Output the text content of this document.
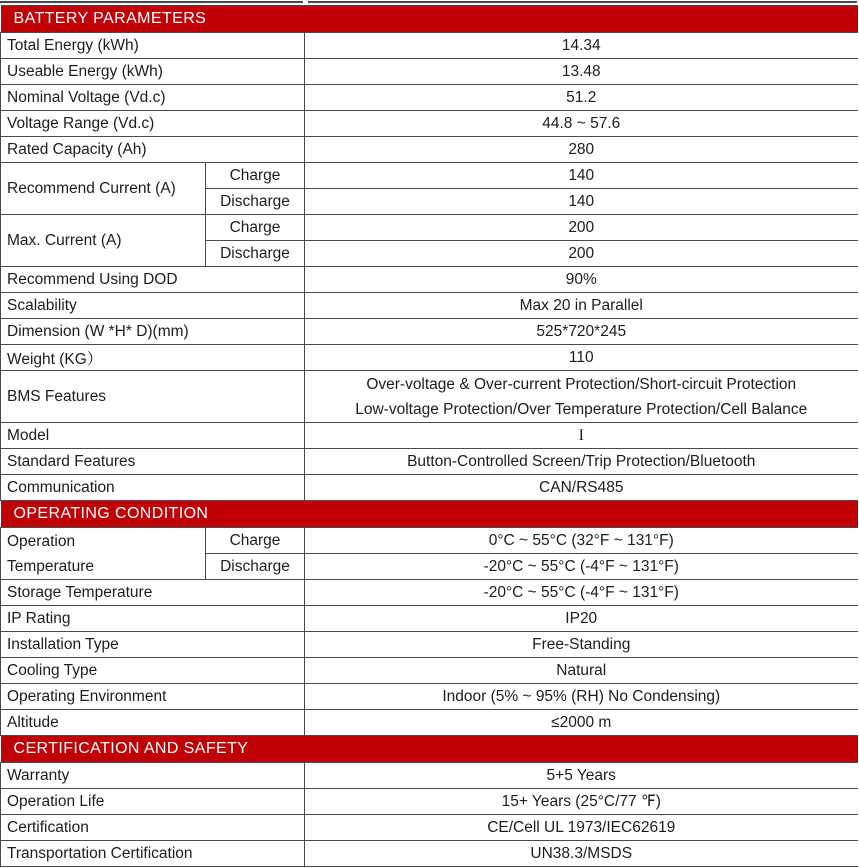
BATTERY PARAMETERS		
Total Energy (kWh)		14.34
Useable Energy (kWh)		13.48
Nominal Voltage (Vd.c)		51.2
Voltage Range (Vd.c)		44.8 ~ 57.6
Rated Capacity (Ah)		280
Recommend Current (A)	Charge	140
	Discharge	140
Max. Current (A)	Charge	200
	Discharge	200
Recommend Using DOD		90%
Scalability		Max 20 in Parallel
Dimension (W *H* D)(mm)		525*720*245
Weight (KG）		110
BMS Features		Over-voltage & Over-current Protection/Short-circuit Protection
Low-voltage Protection/Over Temperature Protection/Cell Balance

Model		I
Standard Features		Button-Controlled Screen/Trip Protection/Bluetooth
Communication		CAN/RS485
OPERATING CONDITION		
Operation Temperature	Charge	0°C ~ 55°C (32°F ~ 131°F)
	Discharge	-20°C ~ 55°C (-4°F ~ 131°F)
Storage Temperature		-20°C ~ 55°C (-4°F ~ 131°F)
IP Rating		IP20
Installation Type		Free-Standing
Cooling Type		Natural
Operating Environment		Indoor (5% ~ 95% (RH) No Condensing)
Altitude		≤2000 m
CERTIFICATION AND SAFETY		
Warranty		5+5 Years
Operation Life		15+ Years (25°C/77 ℉)
Certification		CE/Cell UL 1973/IEC62619
Transportation Certification		UN38.3/MSDS
